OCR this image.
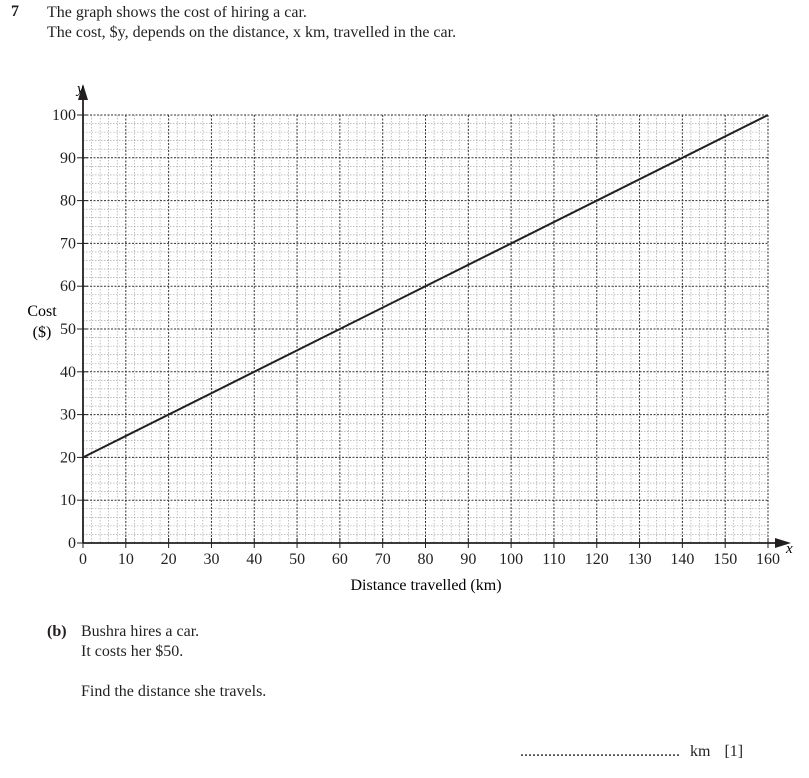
7 The graph shows the cost of hiring a car.
The cost, $y, depends on the distance, x km, travelled in the car.
0 10 20 30 40 50 60 70 80 90 100 110 120 130 140 150 160
0
10
20
30
40
50
60
70
80
90
100
y
x
Cost
($)
Distance travelled (km)
(b) Bushra hires a car.
It costs her $50.
Find the distance she travels.
........................................ km [1]
